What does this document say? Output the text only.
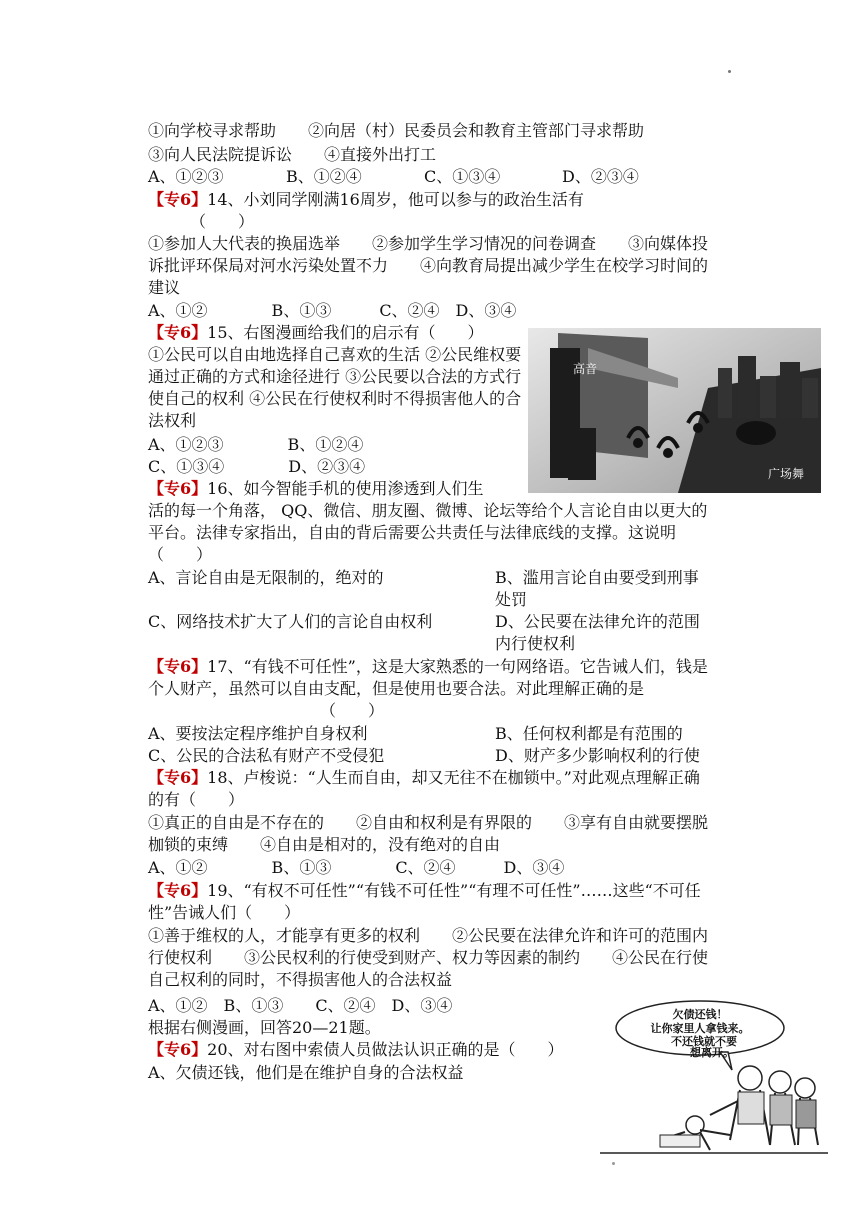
①向学校寻求帮助　　②向居（村）民委员会和教育主管部门寻求帮助
③向人民法院提诉讼　　④直接外出打工
A、①②③	B、①②④	C、①③④	D、②③④
【专6】14、小刘同学刚满16周岁，他可以参与的政治生活有
（　　）
①参加人大代表的换届选举　　②参加学生学习情况的问卷调查　　③向媒体投诉批评环保局对河水污染处置不力　　④向教育局提出减少学生在校学习时间的建议
A、①②　　　　B、①③　　　C、②④　D、③④
【专6】15、右图漫画给我们的启示有（　　）
①公民可以自由地选择自己喜欢的生活 ②公民维权要通过正确的方式和途径进行 ③公民要以合法的方式行使自己的权利 ④公民在行使权利时不得损害他人的合法权利
A、①②③　　　　B、①②④
C、①③④　　　　D、②③④
高音
广场舞
【专6】16、如今智能手机的使用渗透到人们生
活的每一个角落， QQ、微信、朋友圈、微博、论坛等给个人言论自由以更大的平台。法律专家指出，自由的背后需要公共责任与法律底线的支撑。这说明　　　　（　　）
A、言论自由是无限制的，绝对的	B、滥用言论自由要受到刑事处罚
C、网络技术扩大了人们的言论自由权利	D、公民要在法律允许的范围内行使权利
【专6】17、“有钱不可任性”，这是大家熟悉的一句网络语。它告诫人们，钱是个人财产，虽然可以自由支配，但是使用也要合法。对此理解正确的是
（　　）
A、要按法定程序维护自身权利	B、任何权利都是有范围的
C、公民的合法私有财产不受侵犯	D、财产多少影响权利的行使
【专6】18、卢梭说：“人生而自由，却又无往不在枷锁中。”对此观点理解正确的有（　　）
①真正的自由是不存在的　　②自由和权利是有界限的　　③享有自由就要摆脱枷锁的束缚　　④自由是相对的，没有绝对的自由
A、①②　　　　B、①③　　　　C、②④　　　D、③④
【专6】19、“有权不可任性”“有钱不可任性”“有理不可任性”……这些“不可任性”告诫人们（　　）
①善于维权的人，才能享有更多的权利　　②公民要在法律允许和许可的范围内行使权利　　③公民权利的行使受到财产、权力等因素的制约　　④公民在行使自己权利的同时，不得损害他人的合法权益
A、①②　B、①③　　C、②④　D、③④
根据右侧漫画，回答20—21题。
【专6】20、对右图中索债人员做法认识正确的是（　　）
A、欠债还钱，他们是在维护自身的合法权益
欠债还钱！
让你家里人拿钱来。
不还钱就不要
想离开。
